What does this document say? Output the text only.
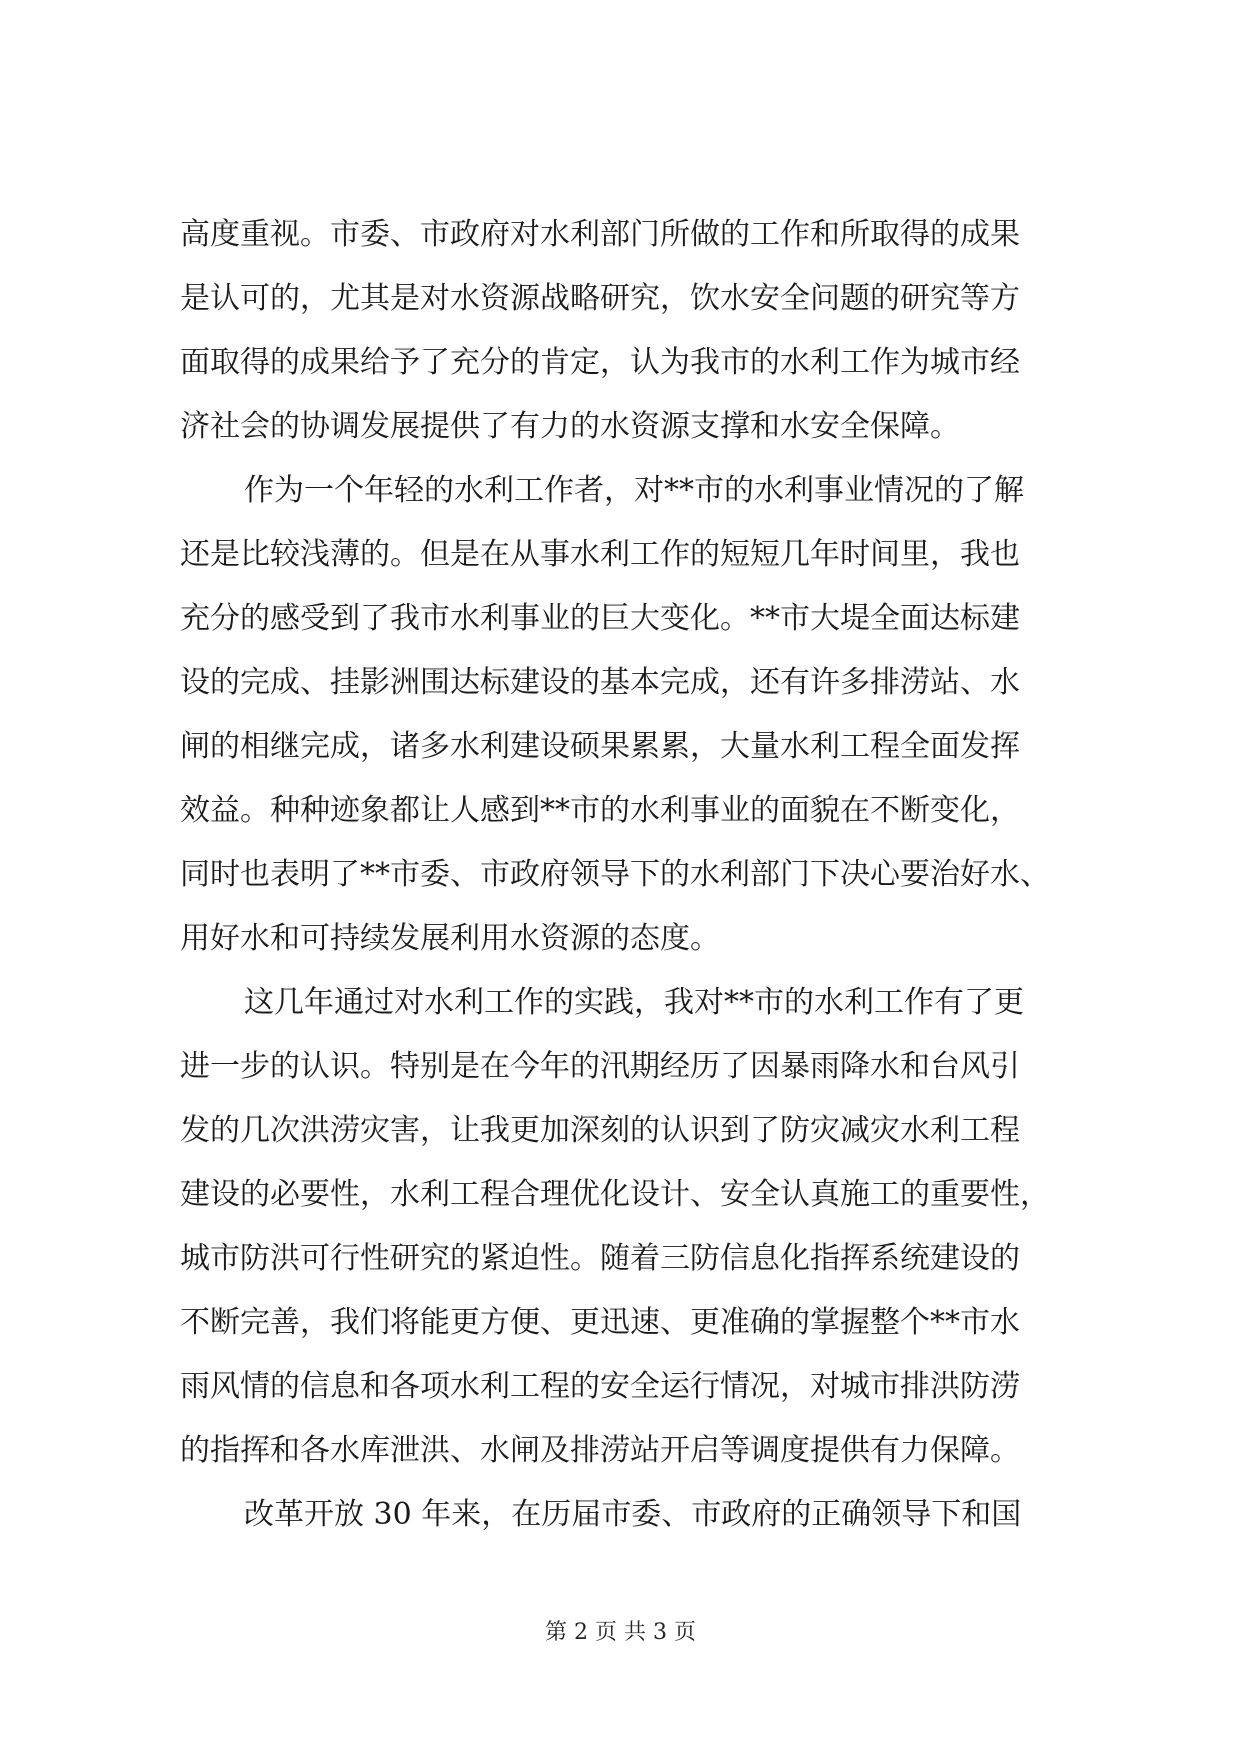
高度重视。市委、市政府对水利部门所做的工作和所取得的成果
是认可的，尤其是对水资源战略研究，饮水安全问题的研究等方
面取得的成果给予了充分的肯定，认为我市的水利工作为城市经
济社会的协调发展提供了有力的水资源支撑和水安全保障。
作为一个年轻的水利工作者，对**市的水利事业情况的了解
还是比较浅薄的。但是在从事水利工作的短短几年时间里，我也
充分的感受到了我市水利事业的巨大变化。**市大堤全面达标建
设的完成、挂影洲围达标建设的基本完成，还有许多排涝站、水
闸的相继完成，诸多水利建设硕果累累，大量水利工程全面发挥
效益。种种迹象都让人感到**市的水利事业的面貌在不断变化，
同时也表明了**市委、市政府领导下的水利部门下决心要治好水、
用好水和可持续发展利用水资源的态度。
这几年通过对水利工作的实践，我对**市的水利工作有了更
进一步的认识。特别是在今年的汛期经历了因暴雨降水和台风引
发的几次洪涝灾害，让我更加深刻的认识到了防灾减灾水利工程
建设的必要性，水利工程合理优化设计、安全认真施工的重要性，
城市防洪可行性研究的紧迫性。随着三防信息化指挥系统建设的
不断完善，我们将能更方便、更迅速、更准确的掌握整个**市水
雨风情的信息和各项水利工程的安全运行情况，对城市排洪防涝
的指挥和各水库泄洪、水闸及排涝站开启等调度提供有力保障。
改革开放 30 年来，在历届市委、市政府的正确领导下和国
第 2 页 共 3 页
